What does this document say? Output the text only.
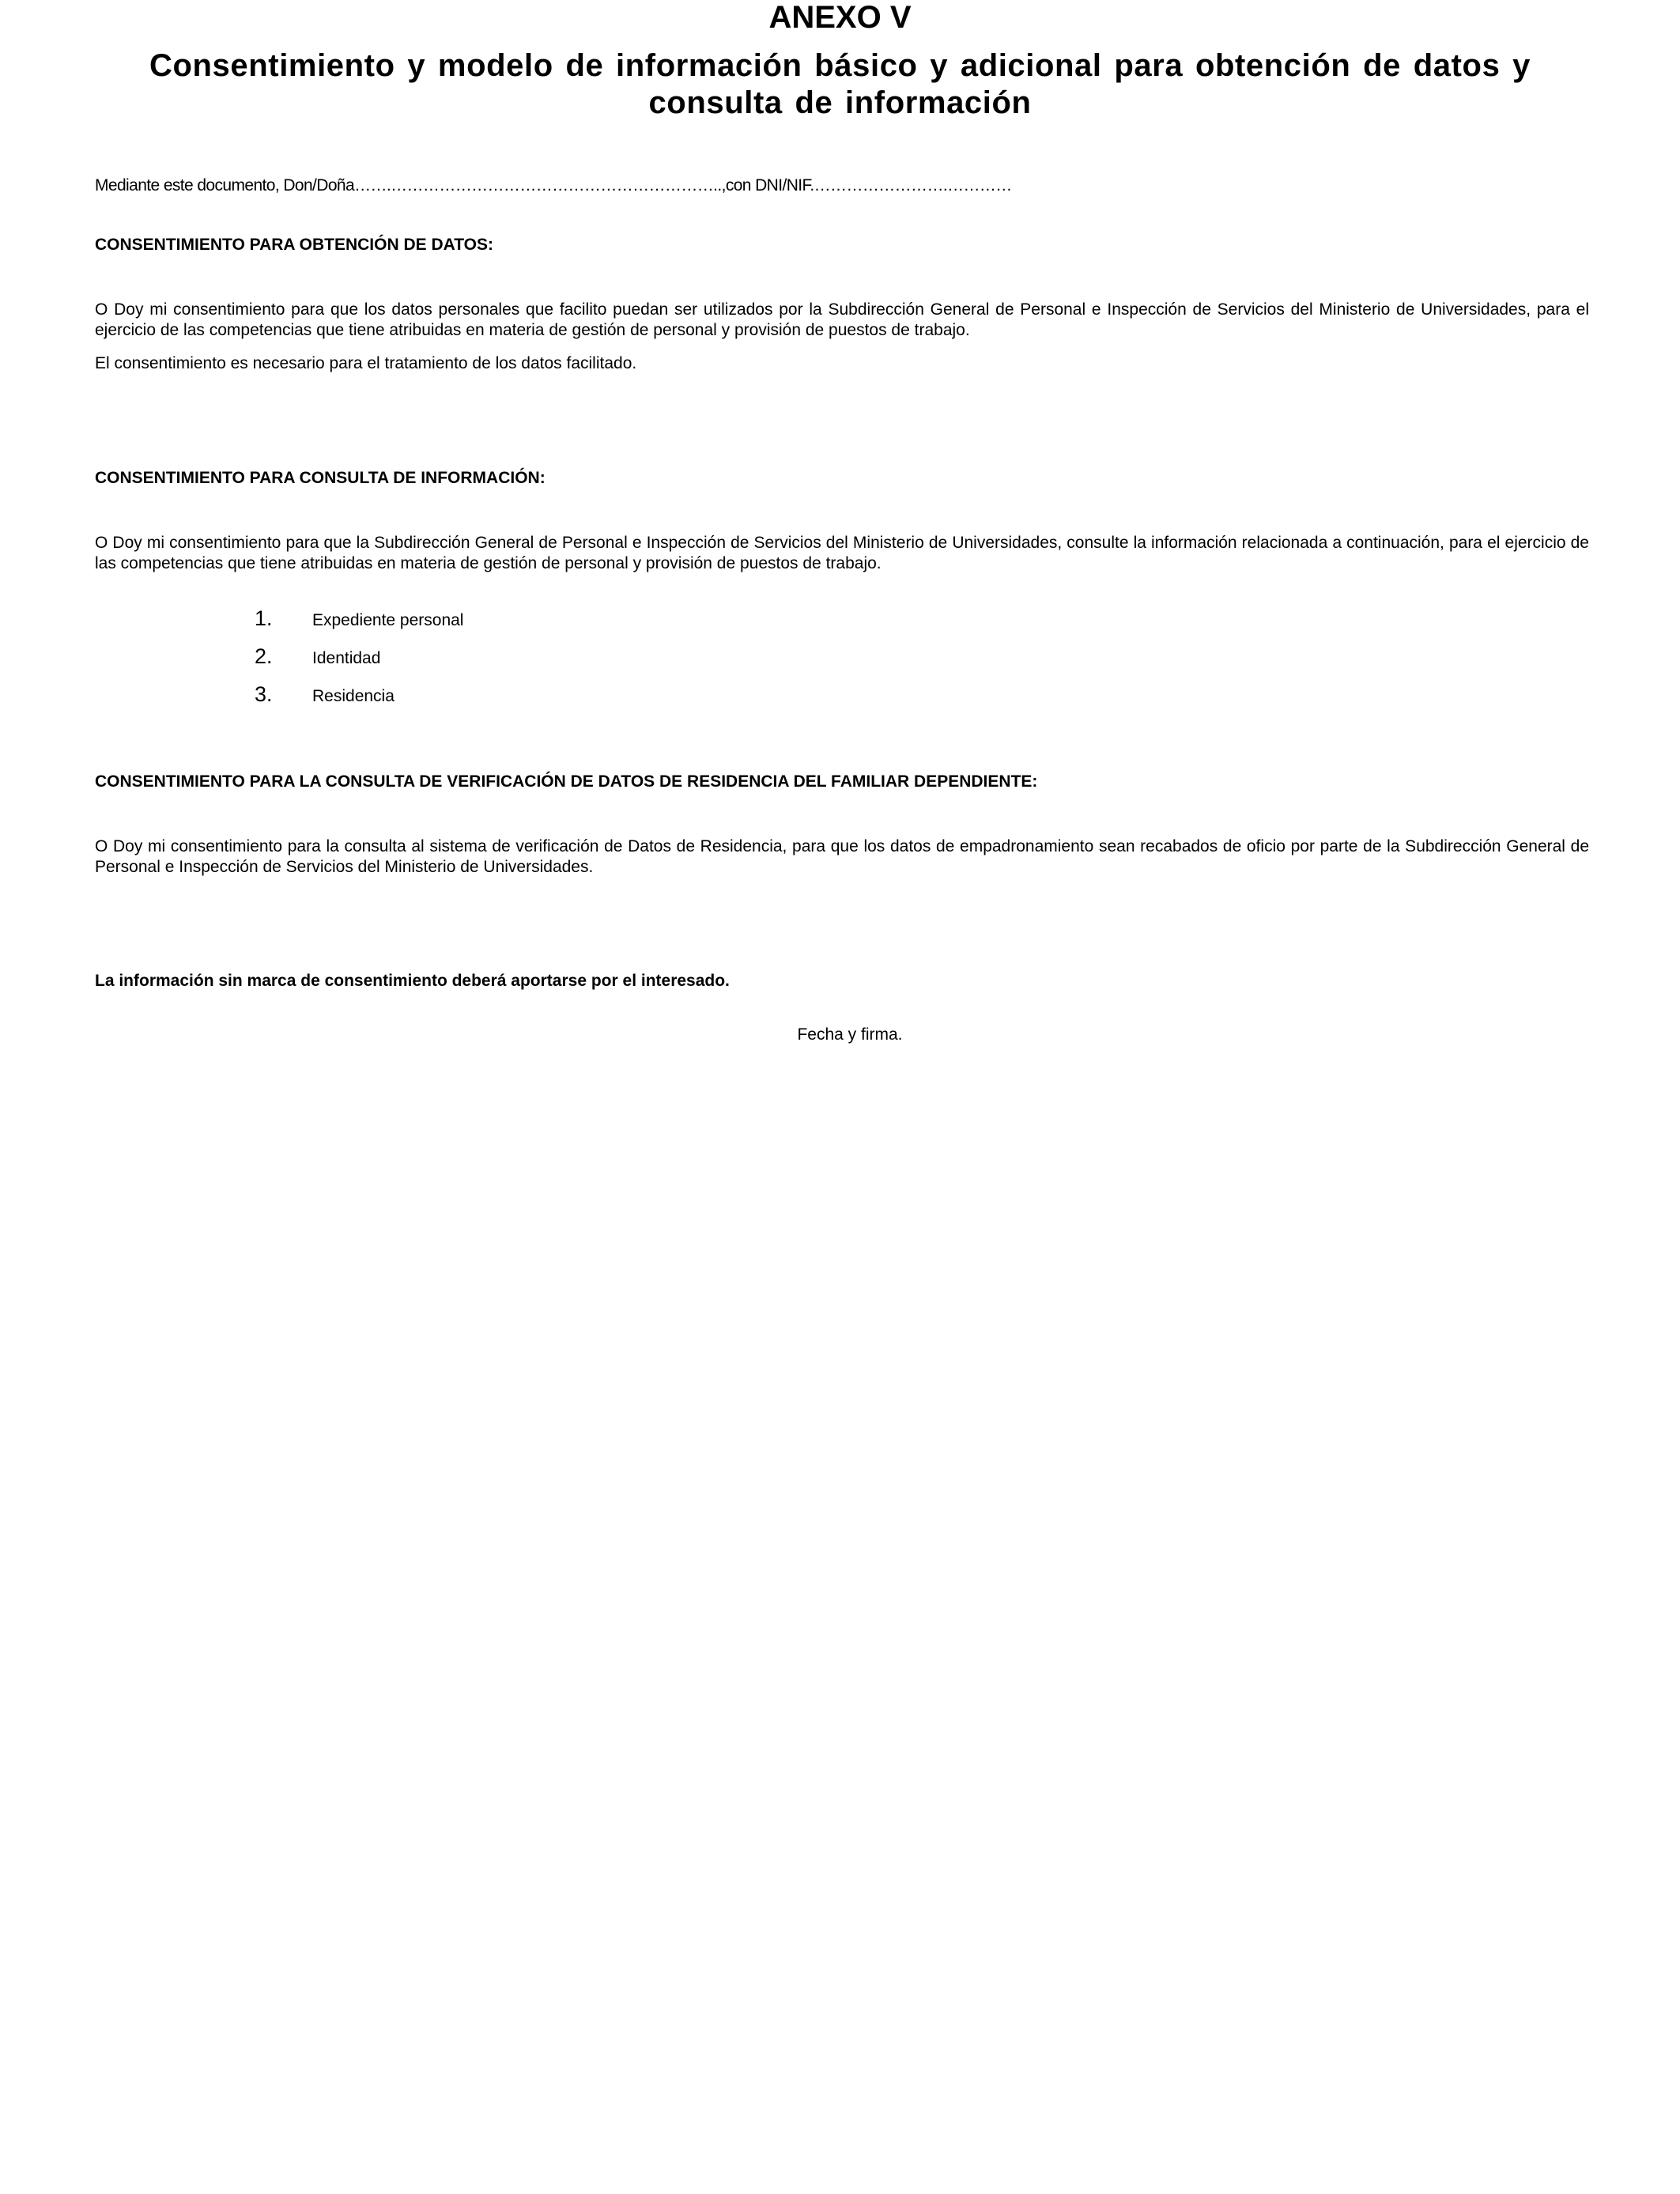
ANEXO V
Consentimiento y modelo de información básico y adicional para obtención de datos y consulta de información
Mediante este documento, Don/Doña…….……………………………………………………..,con DNI/NIF.…………………….…………
CONSENTIMIENTO PARA OBTENCIÓN DE DATOS:
O Doy mi consentimiento para que los datos personales que facilito puedan ser utilizados por la Subdirección General de Personal e Inspección de Servicios del Ministerio de Universidades, para el ejercicio de las competencias que tiene atribuidas en materia de gestión de personal y provisión de puestos de trabajo.
El consentimiento es necesario para el tratamiento de los datos facilitado.
CONSENTIMIENTO PARA CONSULTA DE INFORMACIÓN:
O Doy mi consentimiento para que la Subdirección General de Personal e Inspección de Servicios del Ministerio de Universidades, consulte la información relacionada a continuación, para el ejercicio de las competencias que tiene atribuidas en materia de gestión de personal y provisión de puestos de trabajo.
1. Expediente personal
2. Identidad
3. Residencia
CONSENTIMIENTO PARA LA CONSULTA DE VERIFICACIÓN DE DATOS DE RESIDENCIA DEL FAMILIAR DEPENDIENTE:
O Doy mi consentimiento para la consulta al sistema de verificación de Datos de Residencia, para que los datos de empadronamiento sean recabados de oficio por parte de la Subdirección General de Personal e Inspección de Servicios del Ministerio de Universidades.
La información sin marca de consentimiento deberá aportarse por el interesado.
Fecha y firma.
